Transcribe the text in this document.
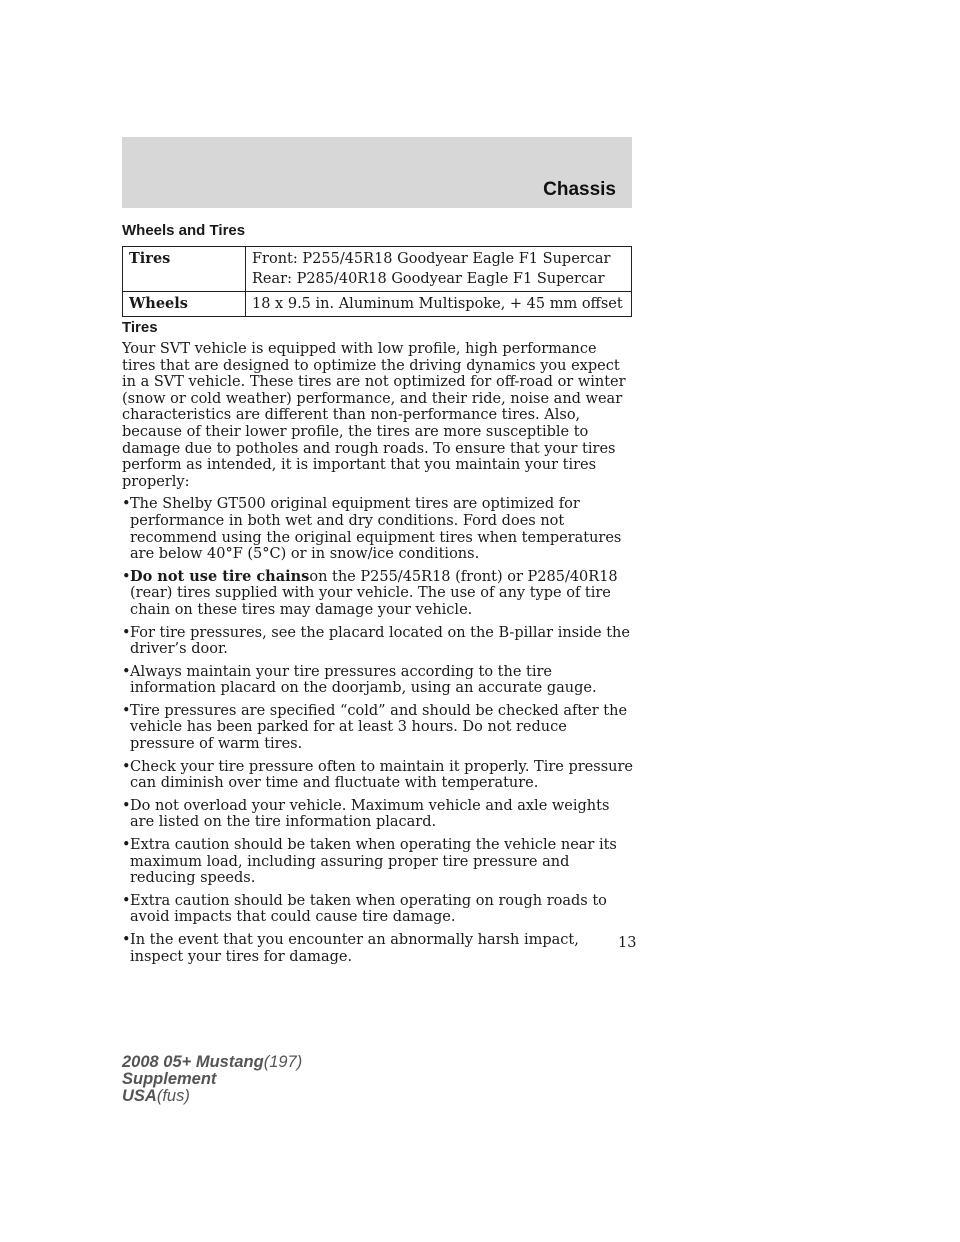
Chassis
Wheels and Tires
Tires	Front: P255/45R18 Goodyear Eagle F1 Supercar
Rear: P285/40R18 Goodyear Eagle F1 Supercar

Wheels	18 x 9.5 in. Aluminum Multispoke, + 45 mm offset
Tires

Your SVT vehicle is equipped with low profile, high performance tires that are designed to optimize the driving dynamics you expect in a SVT vehicle. These tires are not optimized for off-road or winter (snow or cold weather) performance, and their ride, noise and wear characteristics are different than non-performance tires. Also, because of their lower profile, the tires are more susceptible to damage due to potholes and rough roads. To ensure that your tires perform as intended, it is important that you maintain your tires properly:

• The Shelby GT500 original equipment tires are optimized for performance in both wet and dry conditions. Ford does not recommend using the original equipment tires when temperatures are below 40°F (5°C) or in snow/ice conditions.
• Do not use tire chainson the P255/45R18 (front) or P285/40R18 (rear) tires supplied with your vehicle. The use of any type of tire chain on these tires may damage your vehicle.
• For tire pressures, see the placard located on the B-pillar inside the driver’s door.
• Always maintain your tire pressures according to the tire information placard on the doorjamb, using an accurate gauge.
• Tire pressures are specified “cold” and should be checked after the vehicle has been parked for at least 3 hours. Do not reduce pressure of warm tires.
• Check your tire pressure often to maintain it properly. Tire pressure can diminish over time and fluctuate with temperature.
• Do not overload your vehicle. Maximum vehicle and axle weights are listed on the tire information placard.
• Extra caution should be taken when operating the vehicle near its maximum load, including assuring proper tire pressure and reducing speeds.
• Extra caution should be taken when operating on rough roads to avoid impacts that could cause tire damage.
• In the event that you encounter an abnormally harsh impact, inspect your tires for damage.
13
2008 05+ Mustang(197)
Supplement
USA(fus)
